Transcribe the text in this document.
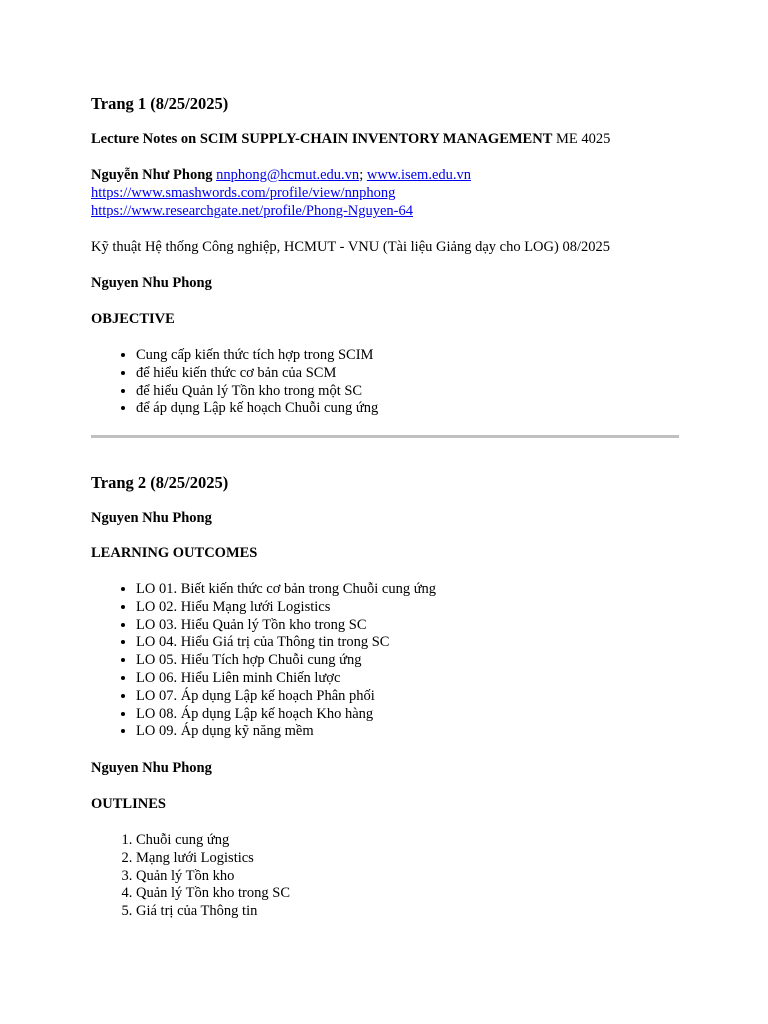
Trang 1 (8/25/2025)
Lecture Notes on SCIM SUPPLY-CHAIN INVENTORY MANAGEMENT ME 4025
Nguyễn Như Phong nnphong@hcmut.edu.vn; www.isem.edu.vn
https://www.smashwords.com/profile/view/nnphong
https://www.researchgate.net/profile/Phong-Nguyen-64
Kỹ thuật Hệ thống Công nghiệp, HCMUT - VNU (Tài liệu Giảng dạy cho LOG) 08/2025
Nguyen Nhu Phong
OBJECTIVE
• Cung cấp kiến thức tích hợp trong SCIM
• để hiểu kiến thức cơ bản của SCM
• để hiểu Quản lý Tồn kho trong một SC
• để áp dụng Lập kế hoạch Chuỗi cung ứng
Trang 2 (8/25/2025)
Nguyen Nhu Phong
LEARNING OUTCOMES
• LO 01. Biết kiến thức cơ bản trong Chuỗi cung ứng
• LO 02. Hiểu Mạng lưới Logistics
• LO 03. Hiểu Quản lý Tồn kho trong SC
• LO 04. Hiểu Giá trị của Thông tin trong SC
• LO 05. Hiểu Tích hợp Chuỗi cung ứng
• LO 06. Hiểu Liên minh Chiến lược
• LO 07. Áp dụng Lập kế hoạch Phân phối
• LO 08. Áp dụng Lập kế hoạch Kho hàng
• LO 09. Áp dụng kỹ năng mềm
Nguyen Nhu Phong
OUTLINES
1. Chuỗi cung ứng
2. Mạng lưới Logistics
3. Quản lý Tồn kho
4. Quản lý Tồn kho trong SC
5. Giá trị của Thông tin
